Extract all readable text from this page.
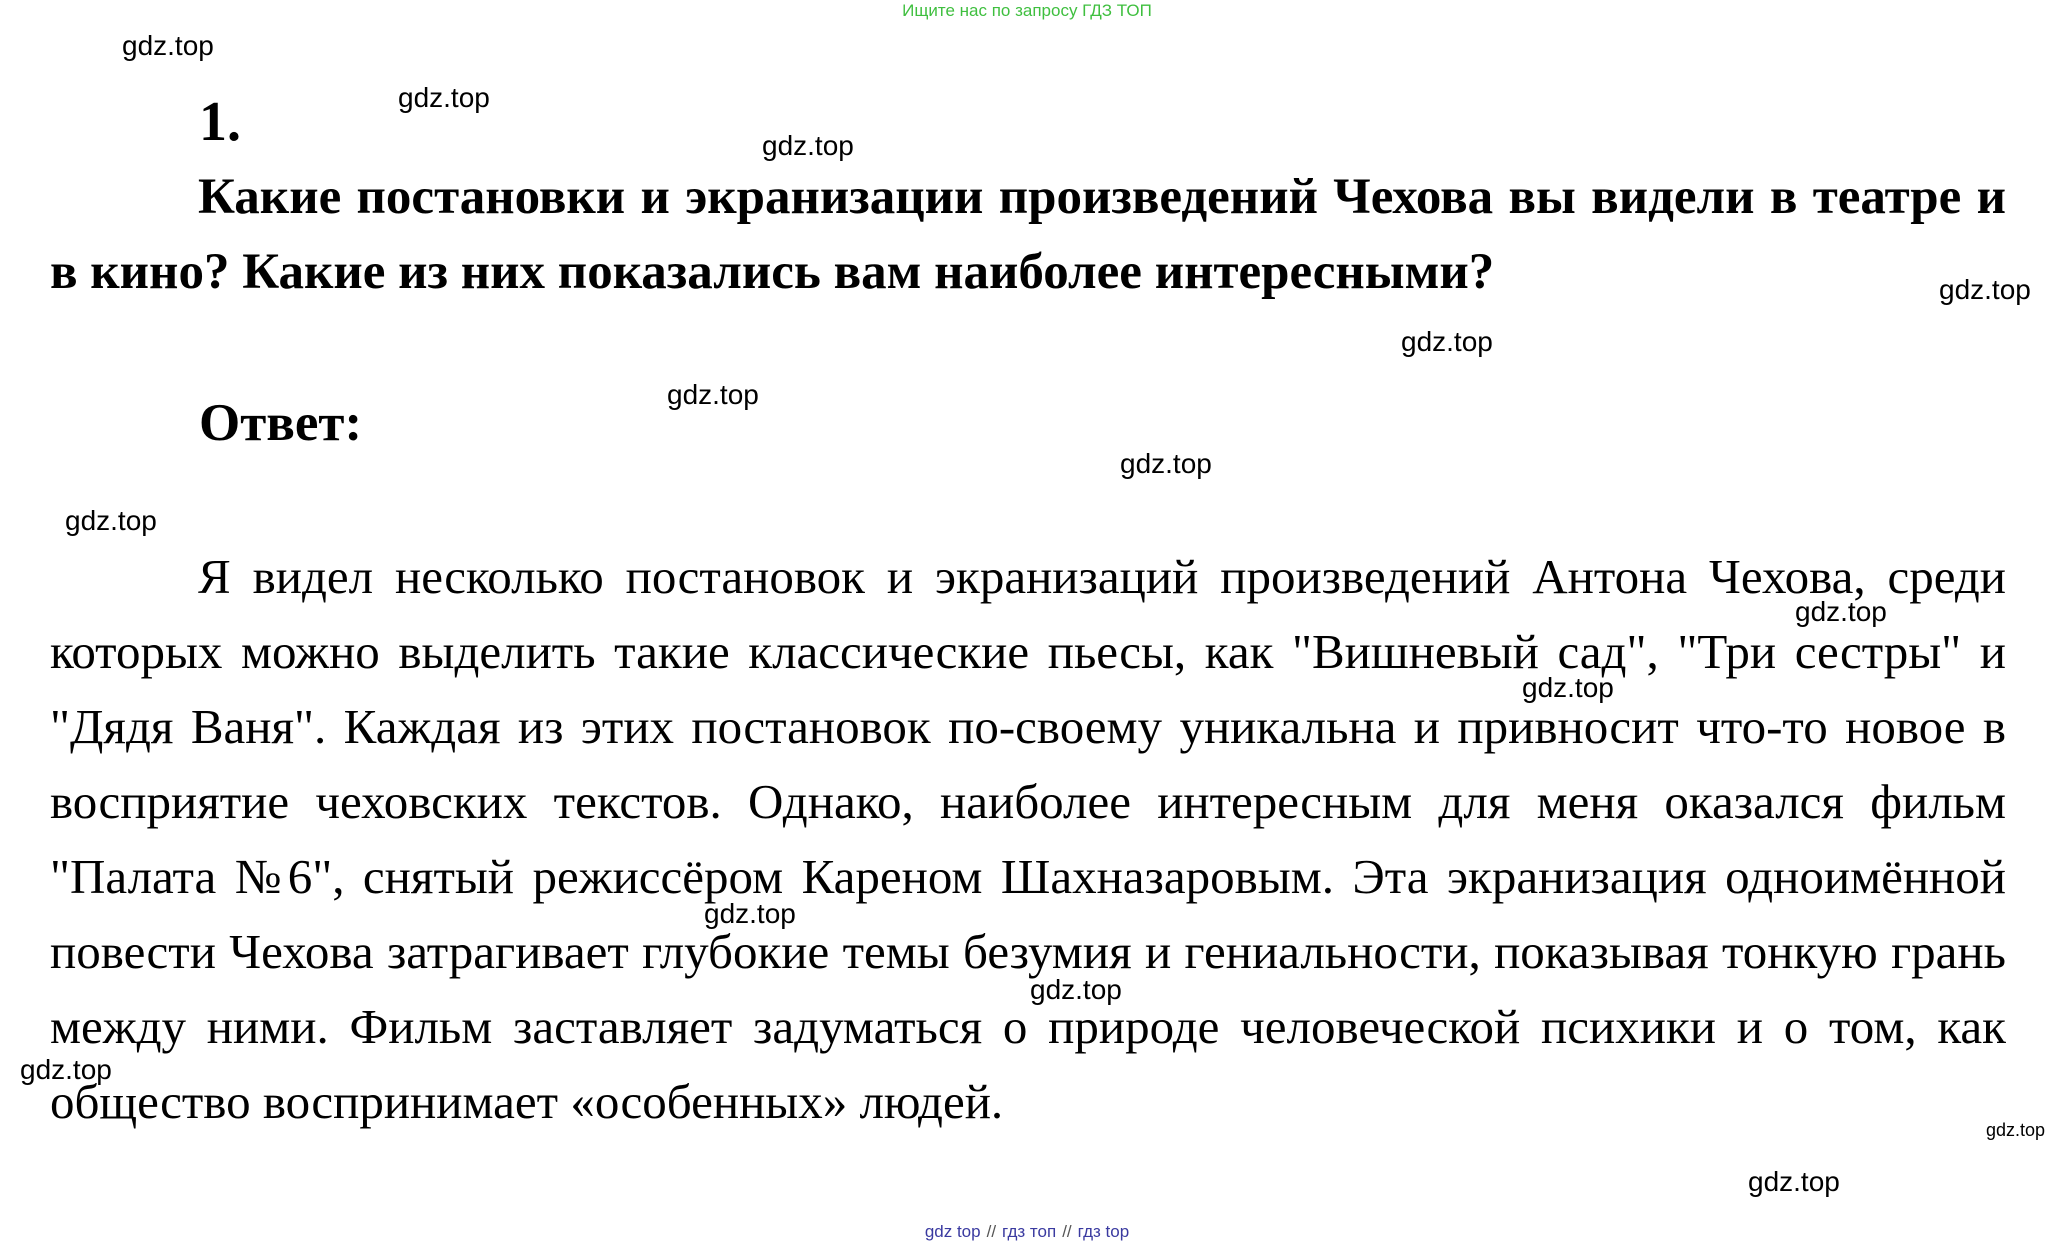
Ищите нас по запросу ГДЗ ТОП
gdz.top
gdz.top
gdz.top
gdz.top
gdz.top
gdz.top
gdz.top
gdz.top
gdz.top
gdz.top
gdz.top
gdz.top
gdz.top
gdz.top
gdz.top
1.

Какие постановки и экранизации произведений Чехова вы видели в театре и в кино? Какие из них показались вам наиболее интересными?

Ответ:

Я видел несколько постановок и экранизаций произведений Антона Чехова, среди которых можно выделить такие классические пьесы, как "Вишневый сад", "Три сестры" и "Дядя Ваня". Каждая из этих постановок по-своему уникальна и привносит что-то новое в восприятие чеховских текстов. Однако, наиболее интересным для меня оказался фильм "Палата №6", снятый режиссёром Кареном Шахназаровым. Эта экранизация одноимённой повести Чехова затрагивает глубокие темы безумия и гениальности, показывая тонкую грань между ними. Фильм заставляет задуматься о природе человеческой психики и о том, как общество воспринимает «особенных» людей.

gdz top // гдз топ // гдз top
